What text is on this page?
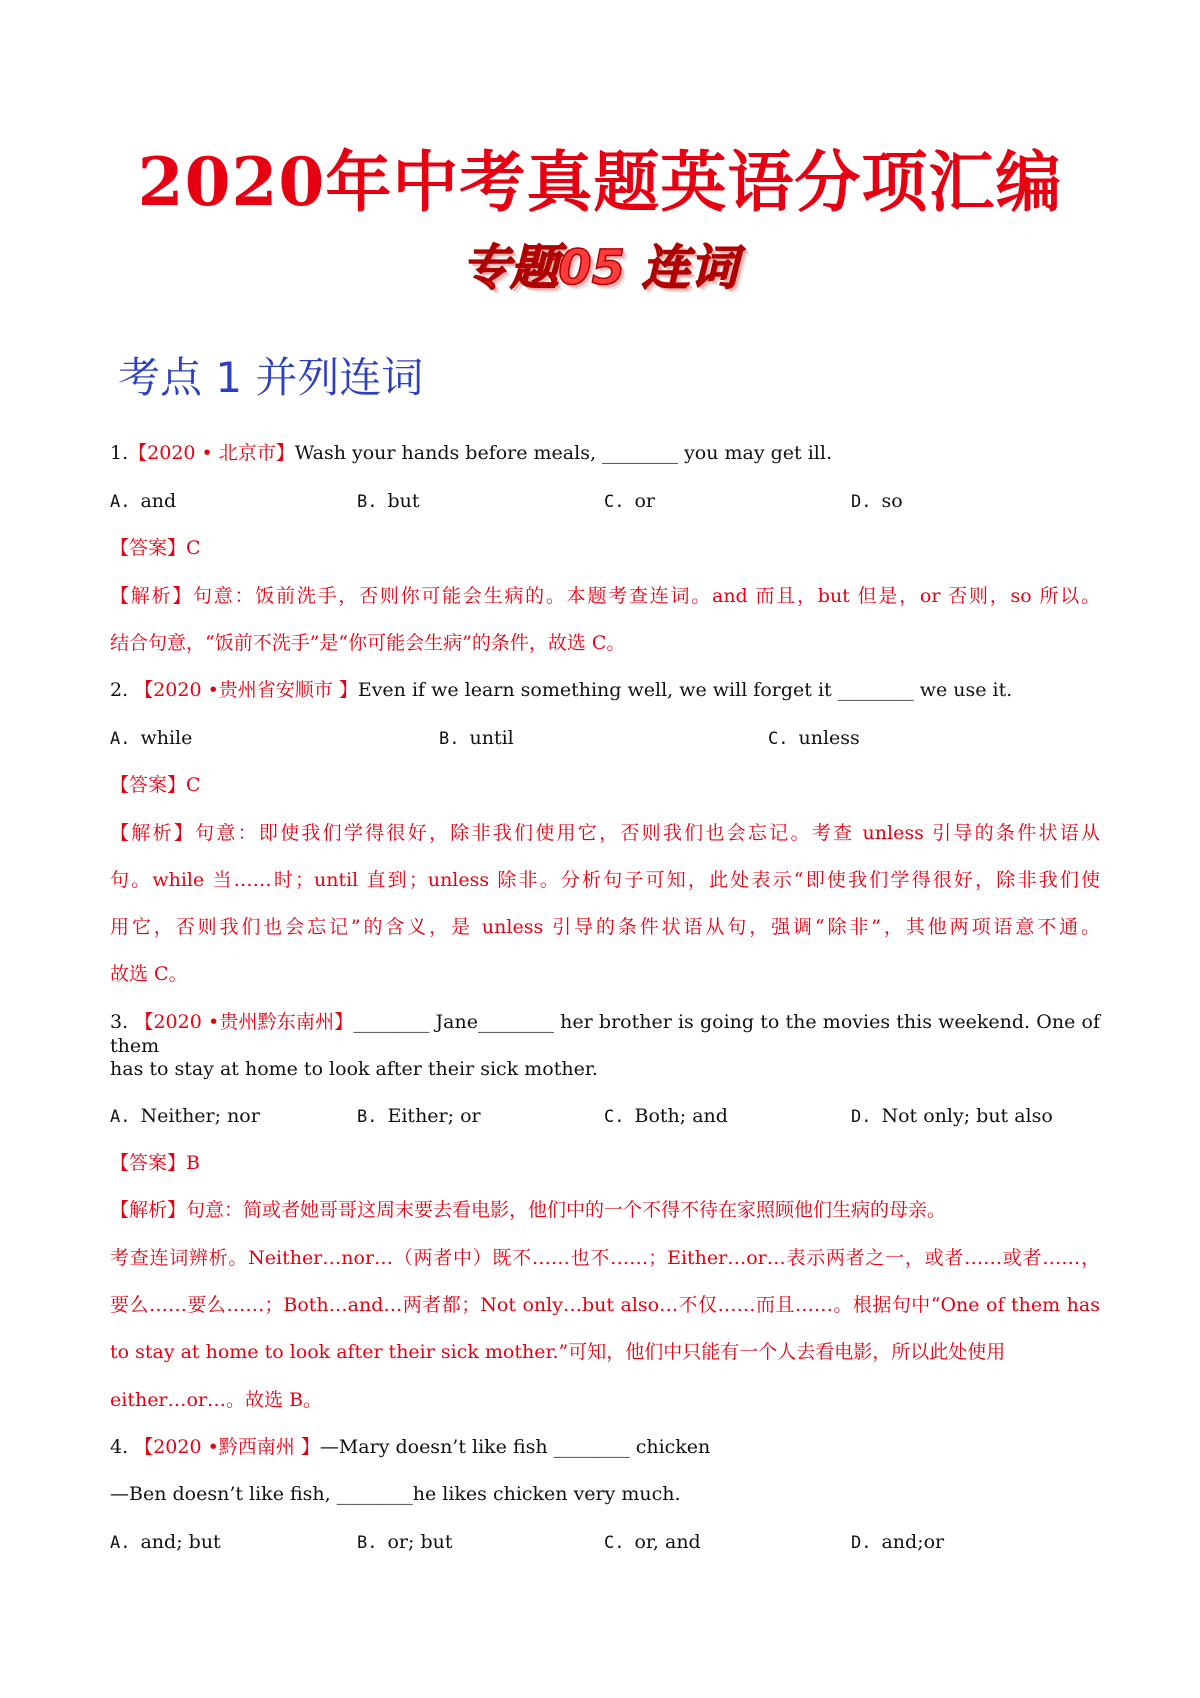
2020年中考真题英语分项汇编
专题05 连词
考点 1 并列连词
1.【2020 • 北京市】Wash your hands before meals, ________ you may get ill.
A. and	B. but	C. or	D. so
【答案】C
【解析】句意：饭前洗手，否则你可能会生病的。本题考查连词。and 而且，but 但是，or 否则，so 所以。
结合句意，“饭前不洗手”是“你可能会生病”的条件，故选 C。
2. 【2020 •贵州省安顺市 】Even if we learn something well, we will forget it ________ we use it.
A. while	B. until	C. unless
【答案】C
【解析】句意：即使我们学得很好，除非我们使用它，否则我们也会忘记。考查 unless 引导的条件状语从
句。while 当……时；until 直到；unless 除非。分析句子可知，此处表示“即使我们学得很好，除非我们使
用它，否则我们也会忘记”的含义，是 unless 引导的条件状语从句，强调“除非”，其他两项语意不通。
故选 C。
3. 【2020 •贵州黔东南州】________ Jane________ her brother is going to the movies this weekend. One of them
has to stay at home to look after their sick mother.
A. Neither; nor	B. Either; or	C. Both; and	D. Not only; but also
【答案】B
【解析】句意：简或者她哥哥这周末要去看电影，他们中的一个不得不待在家照顾他们生病的母亲。
考查连词辨析。Neither…nor…（两者中）既不……也不……；Either…or…表示两者之一，或者……或者……，
要么……要么……；Both…and…两者都；Not only…but also…不仅……而且……。根据句中“One of them has
to stay at home to look after their sick mother.”可知，他们中只能有一个人去看电影，所以此处使用
either…or…。故选 B。
4. 【2020 •黔西南州 】—Mary doesn’t like fish ________ chicken
—Ben doesn’t like fish, ________he likes chicken very much.
A. and; but	B. or; but	C. or, and	D. and;or
